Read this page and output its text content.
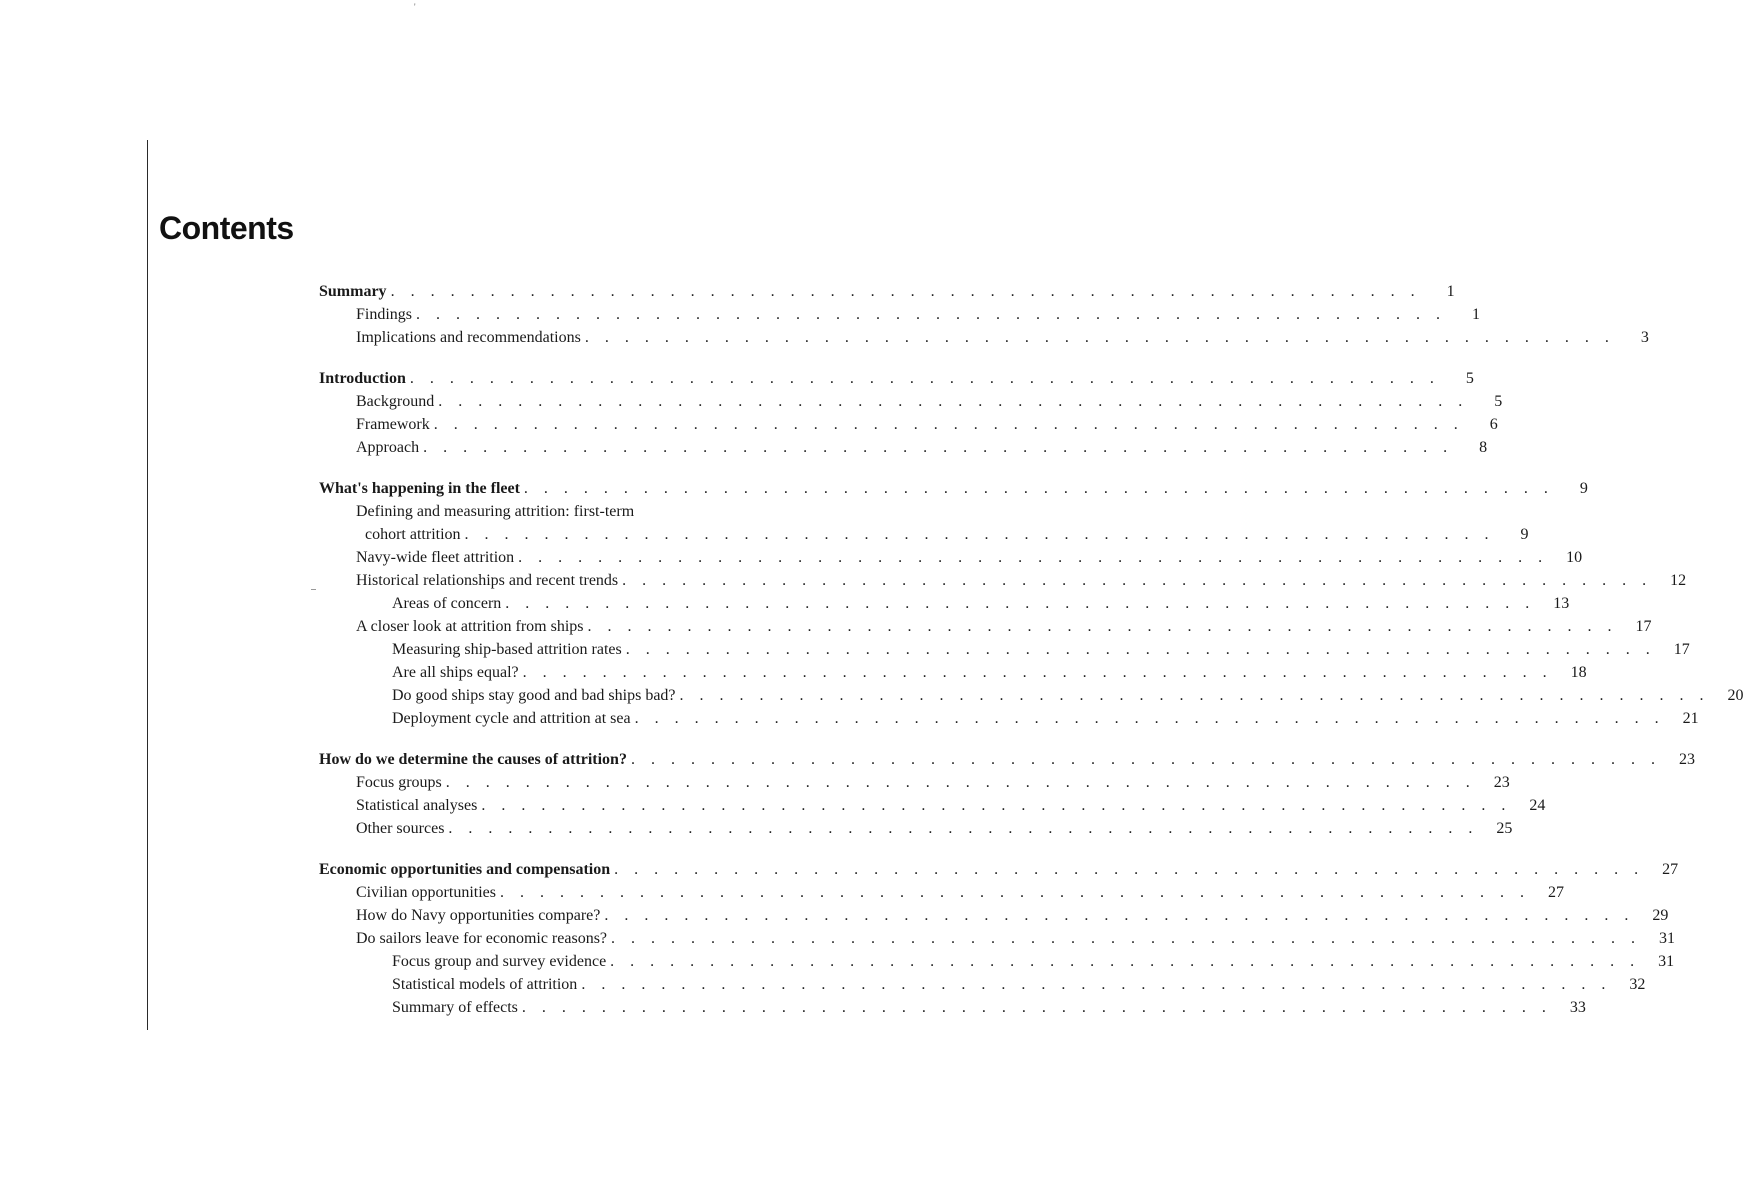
'
Contents
Summary . . . . . . . . . . . . . . . . . . . . . . . . . . . . . . . . . . . . . . . . . . . . . . . . . . . .	1
Findings . . . . . . . . . . . . . . . . . . . . . . . . . . . . . . . . . . . . . . . . . . . . . . . . . . . .	1
Implications and recommendations . . . . . . . . . . . . . . . . . . . . . . . . . . . . . . . . . . . . . . . . . . . . . . . . . . . .	3
Introduction . . . . . . . . . . . . . . . . . . . . . . . . . . . . . . . . . . . . . . . . . . . . . . . . . . . .	5
Background . . . . . . . . . . . . . . . . . . . . . . . . . . . . . . . . . . . . . . . . . . . . . . . . . . . .	5
Framework . . . . . . . . . . . . . . . . . . . . . . . . . . . . . . . . . . . . . . . . . . . . . . . . . . . .	6
Approach . . . . . . . . . . . . . . . . . . . . . . . . . . . . . . . . . . . . . . . . . . . . . . . . . . . .	8
What's happening in the fleet . . . . . . . . . . . . . . . . . . . . . . . . . . . . . . . . . . . . . . . . . . . . . . . . . . . .	9
Defining and measuring attrition: first-term
cohort attrition . . . . . . . . . . . . . . . . . . . . . . . . . . . . . . . . . . . . . . . . . . . . . . . . . . . .	9
Navy-wide fleet attrition . . . . . . . . . . . . . . . . . . . . . . . . . . . . . . . . . . . . . . . . . . . . . . . . . . . .	10
Historical relationships and recent trends . . . . . . . . . . . . . . . . . . . . . . . . . . . . . . . . . . . . . . . . . . . . . . . . . . . .	12
Areas of concern . . . . . . . . . . . . . . . . . . . . . . . . . . . . . . . . . . . . . . . . . . . . . . . . . . . .	13
A closer look at attrition from ships . . . . . . . . . . . . . . . . . . . . . . . . . . . . . . . . . . . . . . . . . . . . . . . . . . . .	17
Measuring ship-based attrition rates . . . . . . . . . . . . . . . . . . . . . . . . . . . . . . . . . . . . . . . . . . . . . . . . . . . .	17
Are all ships equal? . . . . . . . . . . . . . . . . . . . . . . . . . . . . . . . . . . . . . . . . . . . . . . . . . . . .	18
Do good ships stay good and bad ships bad? . . . . . . . . . . . . . . . . . . . . . . . . . . . . . . . . . . . . . . . . . . . . . . . . . . . .	20
Deployment cycle and attrition at sea . . . . . . . . . . . . . . . . . . . . . . . . . . . . . . . . . . . . . . . . . . . . . . . . . . . .	21
How do we determine the causes of attrition? . . . . . . . . . . . . . . . . . . . . . . . . . . . . . . . . . . . . . . . . . . . . . . . . . . . .	23
Focus groups . . . . . . . . . . . . . . . . . . . . . . . . . . . . . . . . . . . . . . . . . . . . . . . . . . . .	23
Statistical analyses . . . . . . . . . . . . . . . . . . . . . . . . . . . . . . . . . . . . . . . . . . . . . . . . . . . .	24
Other sources . . . . . . . . . . . . . . . . . . . . . . . . . . . . . . . . . . . . . . . . . . . . . . . . . . . .	25
Economic opportunities and compensation . . . . . . . . . . . . . . . . . . . . . . . . . . . . . . . . . . . . . . . . . . . . . . . . . . . .	27
Civilian opportunities . . . . . . . . . . . . . . . . . . . . . . . . . . . . . . . . . . . . . . . . . . . . . . . . . . . .	27
How do Navy opportunities compare? . . . . . . . . . . . . . . . . . . . . . . . . . . . . . . . . . . . . . . . . . . . . . . . . . . . .	29
Do sailors leave for economic reasons? . . . . . . . . . . . . . . . . . . . . . . . . . . . . . . . . . . . . . . . . . . . . . . . . . . . .	31
Focus group and survey evidence . . . . . . . . . . . . . . . . . . . . . . . . . . . . . . . . . . . . . . . . . . . . . . . . . . . .	31
Statistical models of attrition . . . . . . . . . . . . . . . . . . . . . . . . . . . . . . . . . . . . . . . . . . . . . . . . . . . .	32
Summary of effects . . . . . . . . . . . . . . . . . . . . . . . . . . . . . . . . . . . . . . . . . . . . . . . . . . . .	33
